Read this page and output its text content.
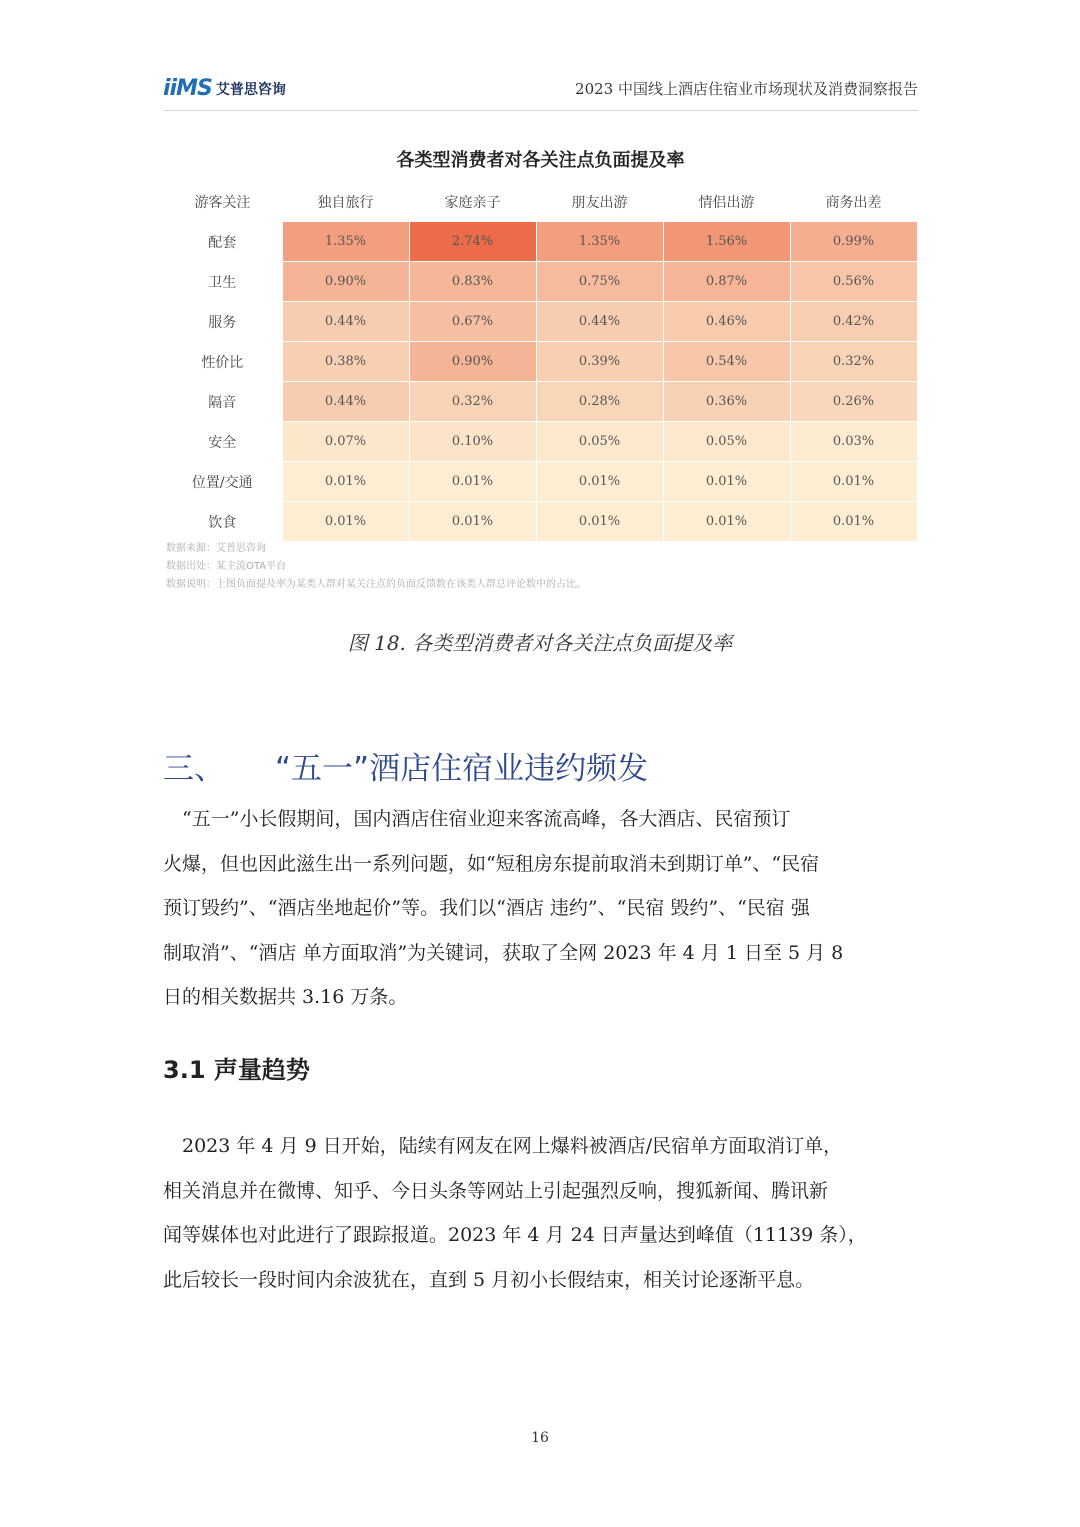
iiMS 艾普思咨询	2023 中国线上酒店住宿业市场现状及消费洞察报告
各类型消费者对各关注点负面提及率
游客关注	独自旅行	家庭亲子	朋友出游	情侣出游	商务出差
配套	1.35%	2.74%	1.35%	1.56%	0.99%
卫生	0.90%	0.83%	0.75%	0.87%	0.56%
服务	0.44%	0.67%	0.44%	0.46%	0.42%
性价比	0.38%	0.90%	0.39%	0.54%	0.32%
隔音	0.44%	0.32%	0.28%	0.36%	0.26%
安全	0.07%	0.10%	0.05%	0.05%	0.03%
位置/交通	0.01%	0.01%	0.01%	0.01%	0.01%
饮食	0.01%	0.01%	0.01%	0.01%	0.01%
数据来源：艾普思咨询
数据出处：某主流OTA平台
数据说明：上图负面提及率为某类人群对某关注点的负面反馈数在该类人群总评论数中的占比。
图 18. 各类型消费者对各关注点负面提及率
三、 “五一”酒店住宿业违约频发
　“五一”小长假期间，国内酒店住宿业迎来客流高峰，各大酒店、民宿预订
火爆，但也因此滋生出一系列问题，如“短租房东提前取消未到期订单”、“民宿
预订毁约”、“酒店坐地起价”等。我们以“酒店 违约”、“民宿 毁约”、“民宿 强
制取消”、“酒店 单方面取消”为关键词，获取了全网 2023 年 4 月 1 日至 5 月 8
日的相关数据共 3.16 万条。
3.1 声量趋势
　2023 年 4 月 9 日开始，陆续有网友在网上爆料被酒店/民宿单方面取消订单，
相关消息并在微博、知乎、今日头条等网站上引起强烈反响，搜狐新闻、腾讯新
闻等媒体也对此进行了跟踪报道。2023 年 4 月 24 日声量达到峰值（11139 条），
此后较长一段时间内余波犹在，直到 5 月初小长假结束，相关讨论逐渐平息。
16
